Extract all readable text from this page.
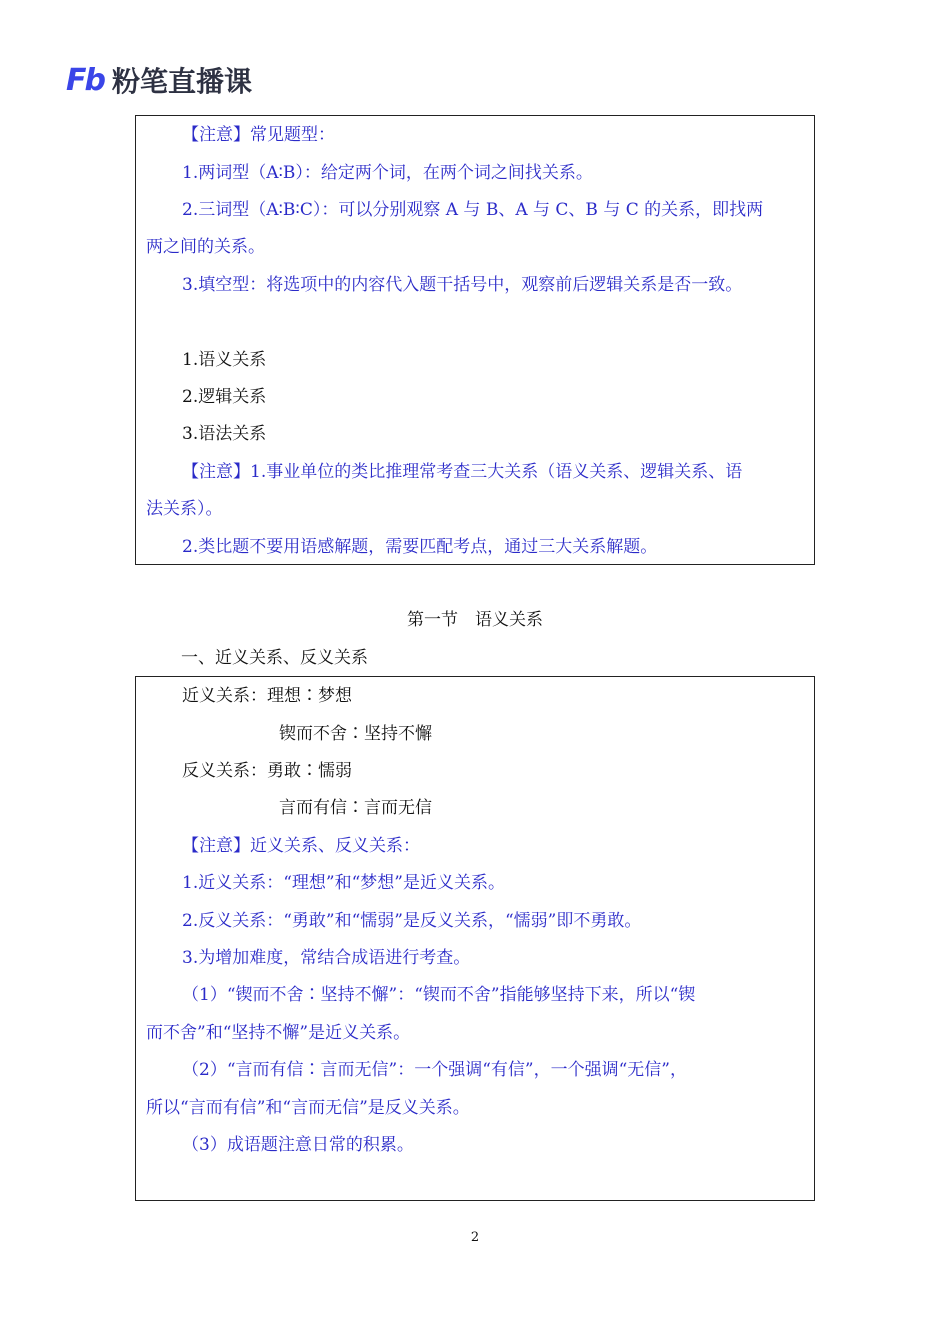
Fb 粉笔直播课
【注意】常见题型：
1.两词型（A∶B）：给定两个词，在两个词之间找关系。
2.三词型（A∶B∶C）：可以分别观察 A 与 B、A 与 C、B 与 C 的关系，即找两
两之间的关系。
3.填空型：将选项中的内容代入题干括号中，观察前后逻辑关系是否一致。
1.语义关系
2.逻辑关系
3.语法关系
【注意】1.事业单位的类比推理常考查三大关系（语义关系、逻辑关系、语
法关系）。
2.类比题不要用语感解题，需要匹配考点，通过三大关系解题。
第一节　语义关系
一、近义关系、反义关系
近义关系：理想∶梦想
锲而不舍∶坚持不懈
反义关系：勇敢∶懦弱
言而有信∶言而无信
【注意】近义关系、反义关系：
1.近义关系：“理想”和“梦想”是近义关系。
2.反义关系：“勇敢”和“懦弱”是反义关系，“懦弱”即不勇敢。
3.为增加难度，常结合成语进行考查。
（1）“锲而不舍∶坚持不懈”：“锲而不舍”指能够坚持下来，所以“锲
而不舍”和“坚持不懈”是近义关系。
（2）“言而有信∶言而无信”：一个强调“有信”，一个强调“无信”，
所以“言而有信”和“言而无信”是反义关系。
（3）成语题注意日常的积累。
2
